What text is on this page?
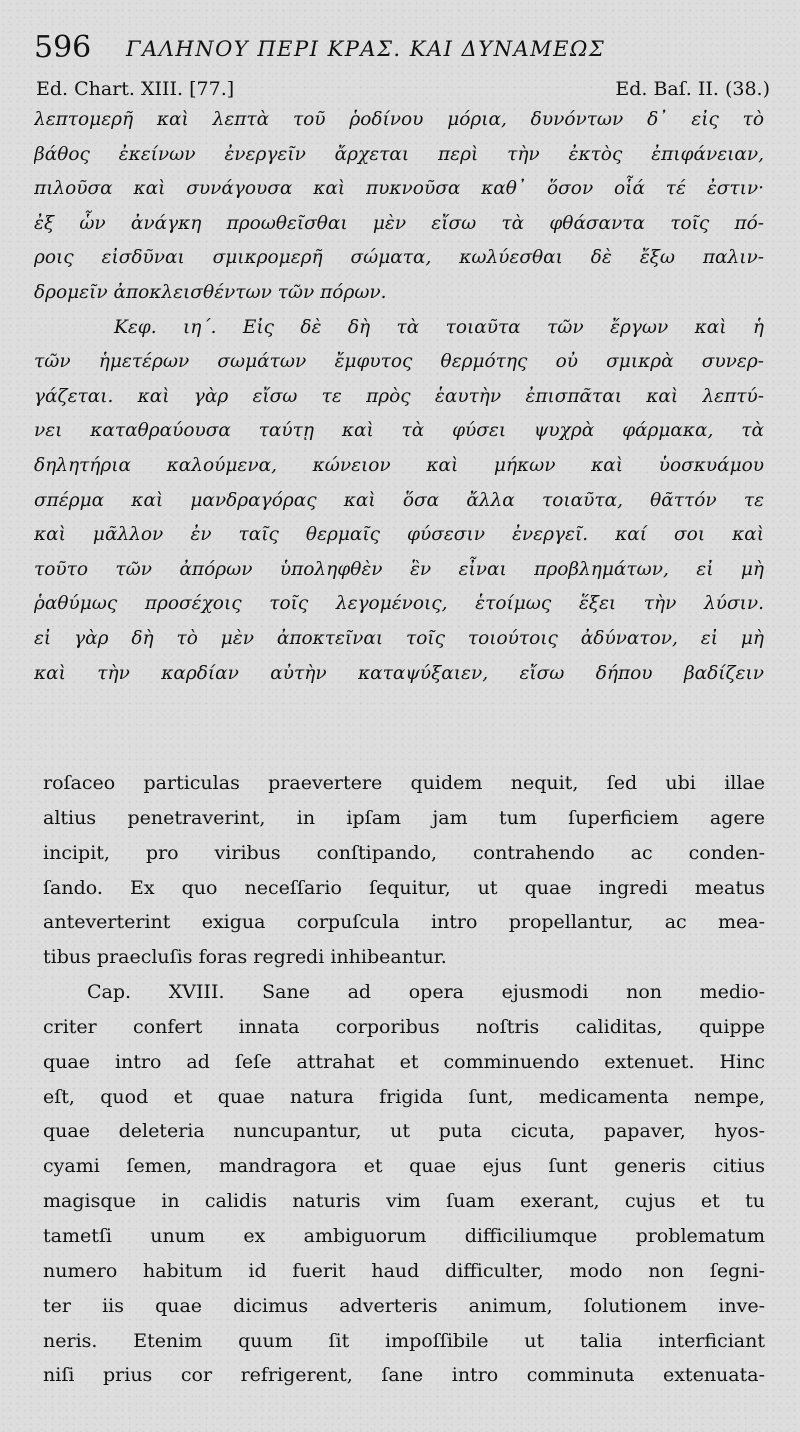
596 ΓΑΛΗΝΟΥ ΠΕΡΙ ΚΡΑΣ. ΚΑΙ ΔΥΝΑΜΕΩΣ
Ed. Chart. XIII. [77.]	Ed. Baſ. II. (38.)
λεπτομερῆ καὶ λεπτὰ τοῦ ῥοδίνου μόρια, δυνόντων δ᾽ εἰς τὸ
βάθος ἐκείνων ἐνεργεῖν ἄρχεται περὶ τὴν ἐκτὸς ἐπιφάνειαν,
πιλοῦσα καὶ συνάγουσα καὶ πυκνοῦσα καθ᾽ ὅσον οἷά τέ ἐστιν·
ἐξ ὧν ἀνάγκη προωθεῖσθαι μὲν εἴσω τὰ φθάσαντα τοῖς πό-
ροις εἰσδῦναι σμικρομερῆ σώματα, κωλύεσθαι δὲ ἔξω παλιν-
δρομεῖν ἀποκλεισθέντων τῶν πόρων.
Κεφ. ιη΄. Εἰς δὲ δὴ τὰ τοιαῦτα τῶν ἔργων καὶ ἡ
τῶν ἡμετέρων σωμάτων ἔμφυτος θερμότης οὐ σμικρὰ συνερ-
γάζεται. καὶ γὰρ εἴσω τε πρὸς ἑαυτὴν ἐπισπᾶται καὶ λεπτύ-
νει καταθραύουσα ταύτῃ καὶ τὰ φύσει ψυχρὰ φάρμακα, τὰ
δηλητήρια καλούμενα, κώνειον καὶ μήκων καὶ ὑοσκυάμου
σπέρμα καὶ μανδραγόρας καὶ ὅσα ἄλλα τοιαῦτα, θᾶττόν τε
καὶ μᾶλλον ἐν ταῖς θερμαῖς φύσεσιν ἐνεργεῖ. καί σοι καὶ
τοῦτο τῶν ἀπόρων ὑποληφθὲν ἓν εἶναι προβλημάτων, εἰ μὴ
ῥαθύμως προσέχοις τοῖς λεγομένοις, ἑτοίμως ἕξει τὴν λύσιν.
εἰ γὰρ δὴ τὸ μὲν ἀποκτεῖναι τοῖς τοιούτοις ἀδύνατον, εἰ μὴ
καὶ τὴν καρδίαν αὐτὴν καταψύξαιεν, εἴσω δήπου βαδίζειν
roſaceo particulas praevertere quidem nequit, ſed ubi illae
altius penetraverint, in ipſam jam tum ſuperficiem agere
incipit, pro viribus conſtipando, contrahendo ac conden-
ſando. Ex quo neceſſario ſequitur, ut quae ingredi meatus
anteverterint exigua corpuſcula intro propellantur, ac mea-
tibus praecluſis foras regredi inhibeantur.
Cap. XVIII. Sane ad opera ejusmodi non medio-
criter confert innata corporibus noſtris caliditas, quippe
quae intro ad ſeſe attrahat et comminuendo extenuet. Hinc
eſt, quod et quae natura frigida ſunt, medicamenta nempe,
quae deleteria nuncupantur, ut puta cicuta, papaver, hyos-
cyami ſemen, mandragora et quae ejus ſunt generis citius
magisque in calidis naturis vim ſuam exerant, cujus et tu
tametſi unum ex ambiguorum difficiliumque problematum
numero habitum id fuerit haud difficulter, modo non ſegni-
ter iis quae dicimus adverteris animum, ſolutionem inve-
neris. Etenim quum ſit impoſſibile ut talia interficiant
niſi prius cor refrigerent, ſane intro comminuta extenuata-
